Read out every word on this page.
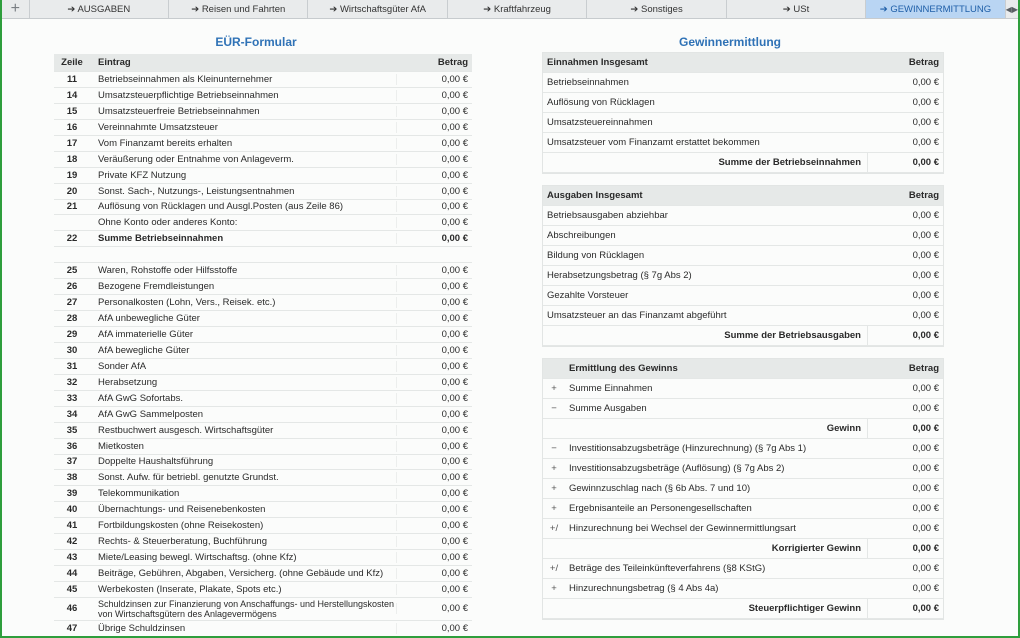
+	➔ AUSGABEN	➔ Reisen und Fahrten	➔ Wirtschaftsgüter AfA	➔ Kraftfahrzeug	➔ Sonstiges	➔ USt	➔ GEWINNERMITTLUNG	◀ ▶
EÜR-Formular	Gewinnermittlung
Zeile	Eintrag	Betrag
11	Betriebseinnahmen als Kleinunternehmer	0,00 €
14	Umsatzsteuerpflichtige Betriebseinnahmen	0,00 €
15	Umsatzsteuerfreie Betriebseinnahmen	0,00 €
16	Vereinnahmte Umsatzsteuer	0,00 €
17	Vom Finanzamt bereits erhalten	0,00 €
18	Veräußerung oder Entnahme von Anlageverm.	0,00 €
19	Private KFZ Nutzung	0,00 €
20	Sonst. Sach-, Nutzungs-, Leistungsentnahmen	0,00 €
21	Auflösung von Rücklagen und Ausgl.Posten (aus Zeile 86)	0,00 €
Ohne Konto oder anderes Konto:	0,00 €
22	Summe Betriebseinnahmen	0,00 €
25	Waren, Rohstoffe oder Hilfsstoffe	0,00 €
26	Bezogene Fremdleistungen	0,00 €
27	Personalkosten (Lohn, Vers., Reisek. etc.)	0,00 €
28	AfA unbewegliche Güter	0,00 €
29	AfA immaterielle Güter	0,00 €
30	AfA bewegliche Güter	0,00 €
31	Sonder AfA	0,00 €
32	Herabsetzung	0,00 €
33	AfA GwG Sofortabs.	0,00 €
34	AfA GwG Sammelposten	0,00 €
35	Restbuchwert ausgesch. Wirtschaftsgüter	0,00 €
36	Mietkosten	0,00 €
37	Doppelte Haushaltsführung	0,00 €
38	Sonst. Aufw. für betriebl. genutzte Grundst.	0,00 €
39	Telekommunikation	0,00 €
40	Übernachtungs- und Reisenebenkosten	0,00 €
41	Fortbildungskosten (ohne Reisekosten)	0,00 €
42	Rechts- & Steuerberatung, Buchführung	0,00 €
43	Miete/Leasing bewegl. Wirtschaftsg. (ohne Kfz)	0,00 €
44	Beiträge, Gebühren, Abgaben, Versicherg. (ohne Gebäude und Kfz)	0,00 €
45	Werbekosten (Inserate, Plakate, Spots etc.)	0,00 €
46	Schuldzinsen zur Finanzierung von Anschaffungs- und Herstellungskosten von Wirtschaftsgütern des Anlagevermögens	0,00 €
47	Übrige Schuldzinsen	0,00 €
Einnahmen Insgesamt	Betrag
Betriebseinnahmen	0,00 €
Auflösung von Rücklagen	0,00 €
Umsatzsteuereinnahmen	0,00 €
Umsatzsteuer vom Finanzamt erstattet bekommen	0,00 €
Summe der Betriebseinnahmen	0,00 €
Ausgaben Insgesamt	Betrag
Betriebsausgaben abziehbar	0,00 €
Abschreibungen	0,00 €
Bildung von Rücklagen	0,00 €
Herabsetzungsbetrag (§ 7g Abs 2)	0,00 €
Gezahlte Vorsteuer	0,00 €
Umsatzsteuer an das Finanzamt abgeführt	0,00 €
Summe der Betriebsausgaben	0,00 €
Ermittlung des Gewinns	Betrag
+	Summe Einnahmen	0,00 €
−	Summe Ausgaben	0,00 €
Gewinn	0,00 €
−	Investitionsabzugsbeträge (Hinzurechnung) (§ 7g Abs 1)	0,00 €
+	Investitionsabzugsbeträge (Auflösung) (§ 7g Abs 2)	0,00 €
+	Gewinnzuschlag nach (§ 6b Abs. 7 und 10)	0,00 €
+	Ergebnisanteile an Personengesellschaften	0,00 €
+/	Hinzurechnung bei Wechsel der Gewinnermittlungsart	0,00 €
Korrigierter Gewinn	0,00 €
+/	Beträge des Teileinkünfteverfahrens (§8 KStG)	0,00 €
+	Hinzurechnungsbetrag (§ 4 Abs 4a)	0,00 €
Steuerpflichtiger Gewinn	0,00 €
